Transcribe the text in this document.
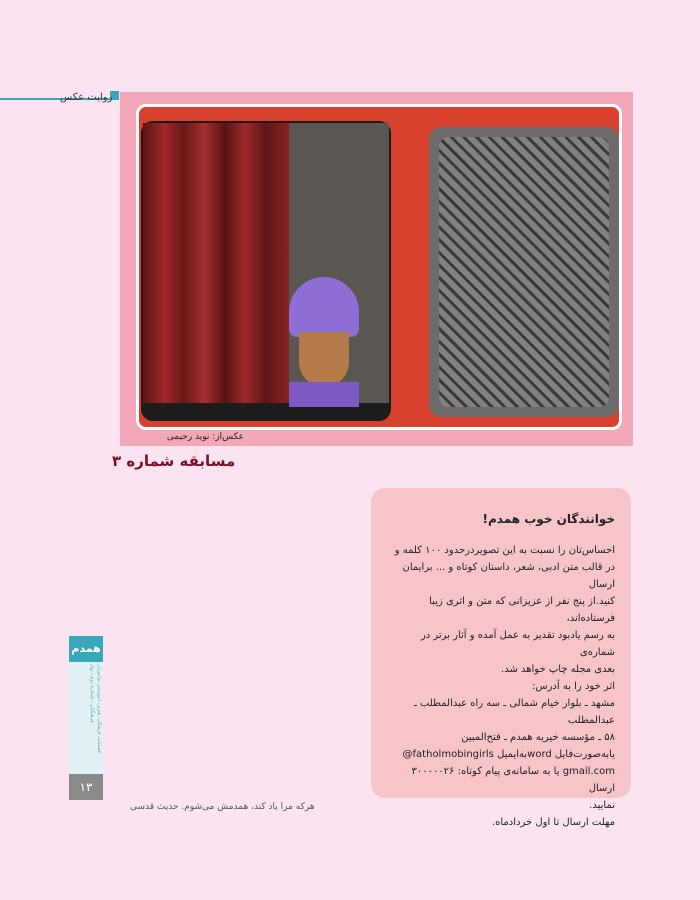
روایت عکس
عکس‌از: نوید رحیمی
مسابقه شماره ۳
خوانندگان خوب همدم!

احساس‌تان را نسبت به این تصویردرحدود ۱۰۰ کلمه و

در قالب متن ادبی، شعر، داستان کوتاه و ... برایمان ارسال

کنید.از پنج نفر از عزیزانی که متن و اثری زیبا فرستاده‌اند،

به رسم یادبود تقدیر به عمل آمده و آثار برتر در شماره‌ی

بعدی مجله چاپ خواهد شد.

اثر خود را به آدرس:

مشهد ـ بلوار خیام شمالی ـ سه راه عبدالمطلب ـ عبدالمطلب

۵۸ ـ مؤسسه خیریه همدم ـ فتح‌المبین

یابه‌صورت‌فایل wordبه‌ایمیل fatholmobingirls@

gmail.com یا به سامانه‌ی پیام کوتاه: ۳۰۰۰۰۰۲۶ ارسال

نمایید.

مهلت ارسال تا اول خردادماه.

همدم
فصلنامه فرهنگی، هنری، آموزشی نوآموزان فرهنگیان ـ شماره دوم ـ بهار
۱۳
هرکه مرا یاد کند، همدمش می‌شوم. حدیث قدسی
